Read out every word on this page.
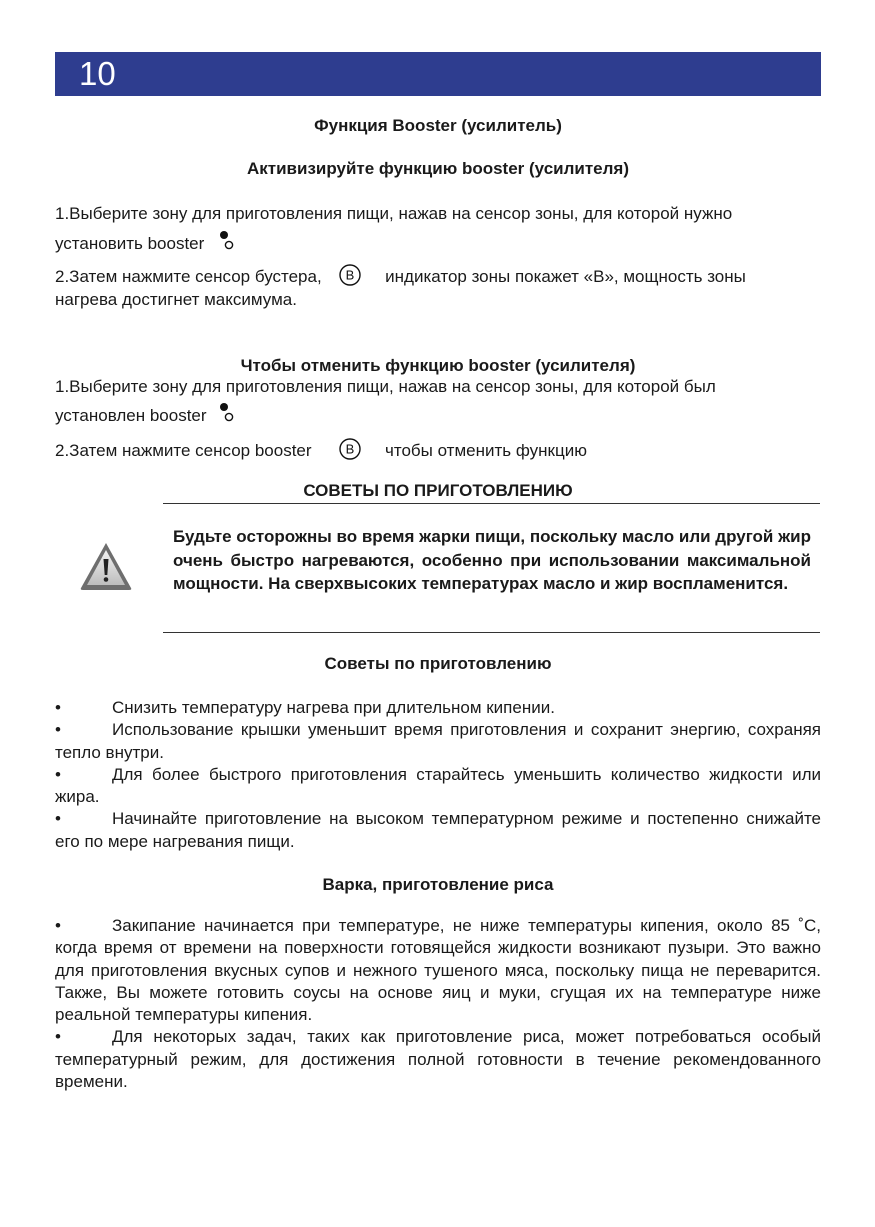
10
Функция Booster (усилитель)
Активизируйте функцию booster (усилителя)
1.Выберите зону для приготовления пищи, нажав на сенсор зоны, для которой нужно
установить booster
2.Затем нажмите сенсор бустера, B индикатор зоны покажет «B», мощность зоны
нагрева достигнет максимума.
Чтобы отменить функцию booster (усилителя)
1.Выберите зону для приготовления пищи, нажав на сенсор зоны, для которой был
установлен booster
2.Затем нажмите сенсор booster	B чтобы отменить функцию
СОВЕТЫ ПО ПРИГОТОВЛЕНИЮ
Будьте осторожны во время жарки пищи, поскольку масло или другой жир очень быстро нагреваются, особенно при использовании максимальной мощности. На сверхвысоких температурах масло и жир воспламенится.
Советы по приготовлению

•	Снизить температуру нагрева при длительном кипении.

•	Использование крышки уменьшит время приготовления и сохранит энергию, сохраняя тепло внутри.

•	Для более быстрого приготовления старайтесь уменьшить количество жидкости или жира.

•	Начинайте приготовление на высоком температурном режиме и постепенно снижайте его по мере нагревания пищи.

Варка, приготовление риса

•	Закипание начинается при температуре, не ниже температуры кипения, около 85 ˚С, когда время от времени на поверхности готовящейся жидкости возникают пузыри. Это важно для приготовления вкусных супов и нежного тушеного мяса, поскольку пища не переварится. Также, Вы можете готовить соусы на основе яиц и муки, сгущая их на температуре ниже реальной температуры кипения.

•	Для некоторых задач, таких как приготовление риса, может потребоваться особый температурный режим, для достижения полной готовности в течение рекомендованного времени.
